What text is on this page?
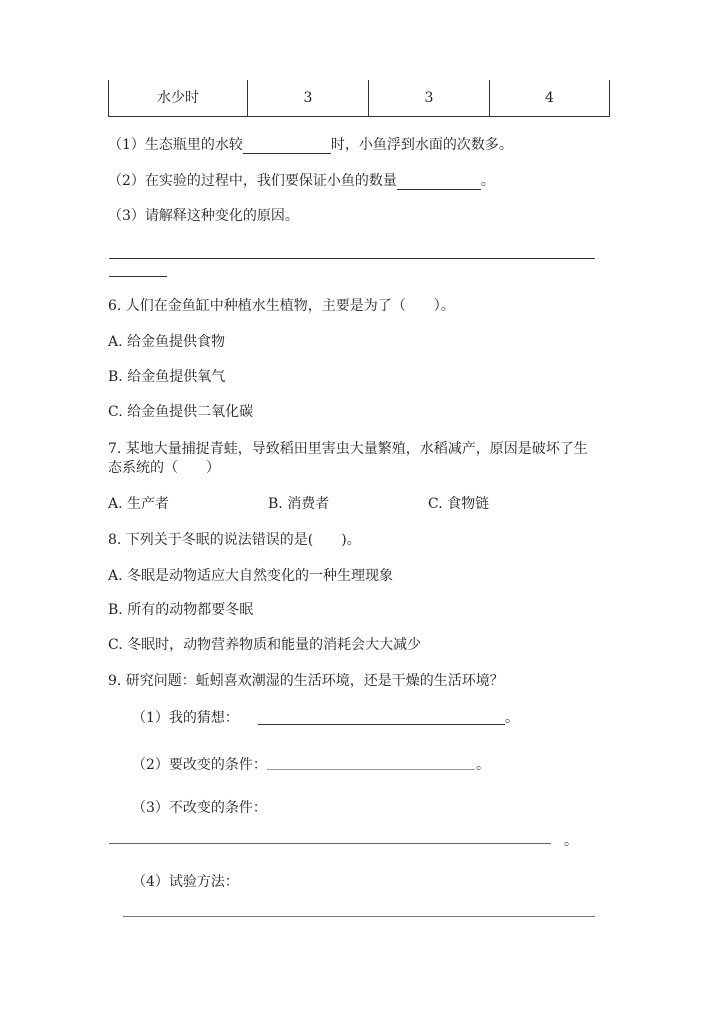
水少时	3	3	4
（1）生态瓶里的水较	时，小鱼浮到水面的次数多。
（2）在实验的过程中，我们要保证小鱼的数量	。
（3）请解释这种变化的原因。
6. 人们在金鱼缸中种植水生植物，主要是为了（　　）。
A. 给金鱼提供食物
B. 给金鱼提供氧气
C. 给金鱼提供二氧化碳
7. 某地大量捕捉青蛙，导致稻田里害虫大量繁殖，水稻减产，原因是破坏了生
态系统的（　　）
A. 生产者	B. 消费者	C. 食物链
8. 下列关于冬眠的说法错误的是(　　)。
A. 冬眠是动物适应大自然变化的一种生理现象
B. 所有的动物都要冬眠
C. 冬眠时，动物营养物质和能量的消耗会大大减少
9. 研究问题：蚯蚓喜欢潮湿的生活环境，还是干燥的生活环境？
（1）我的猜想：	。
（2）要改变的条件：	。
（3）不改变的条件：
。
（4）试验方法：
